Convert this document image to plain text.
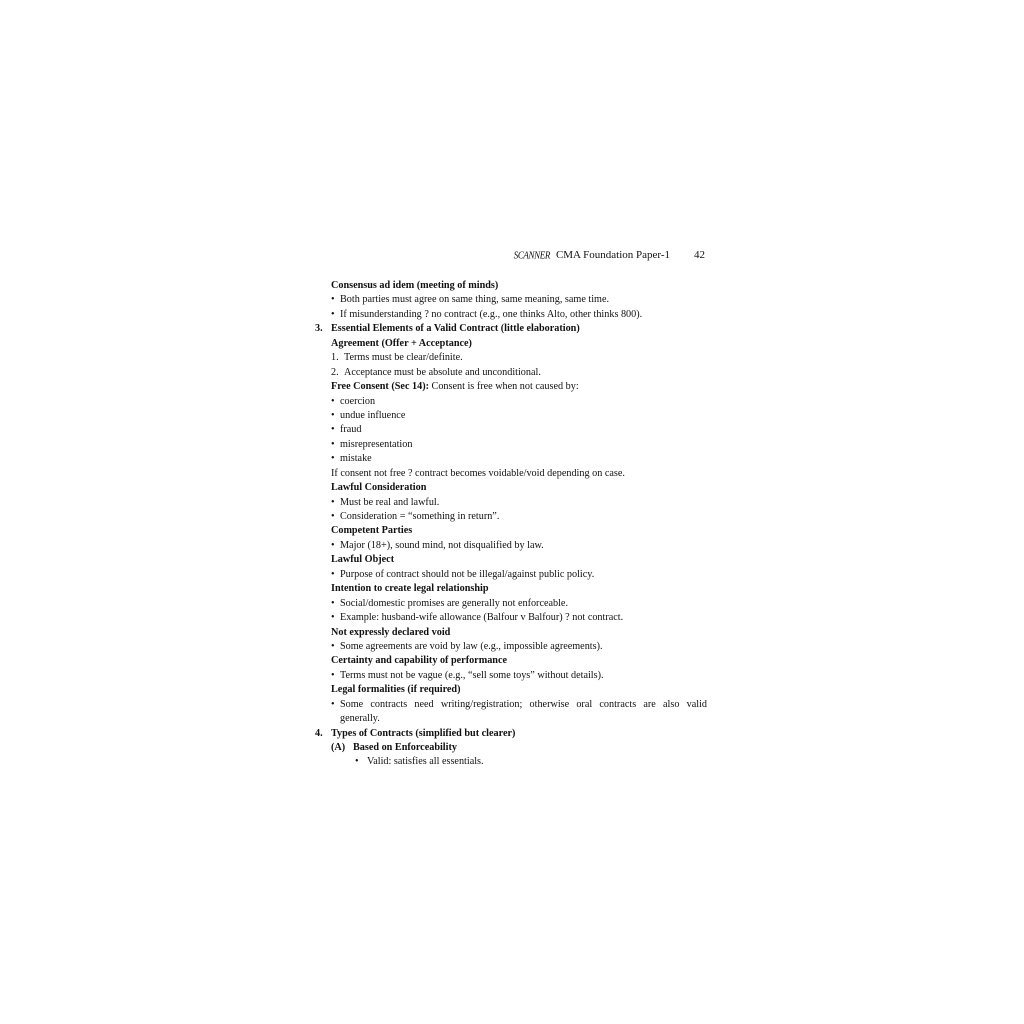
SCANNER CMA Foundation Paper-1 42
Consensus ad idem (meeting of minds)
• Both parties must agree on same thing, same meaning, same time.
• If misunderstanding ? no contract (e.g., one thinks Alto, other thinks 800).
3. Essential Elements of a Valid Contract (little elaboration)
Agreement (Offer + Acceptance)
1. Terms must be clear/definite.
2. Acceptance must be absolute and unconditional.
Free Consent (Sec 14): Consent is free when not caused by:
• coercion
• undue influence
• fraud
• misrepresentation
• mistake
If consent not free ? contract becomes voidable/void depending on case.
Lawful Consideration
• Must be real and lawful.
• Consideration = “something in return”.
Competent Parties
• Major (18+), sound mind, not disqualified by law.
Lawful Object
• Purpose of contract should not be illegal/against public policy.
Intention to create legal relationship
• Social/domestic promises are generally not enforceable.
• Example: husband-wife allowance (Balfour v Balfour) ? not contract.
Not expressly declared void
• Some agreements are void by law (e.g., impossible agreements).
Certainty and capability of performance
• Terms must not be vague (e.g., “sell some toys” without details).
Legal formalities (if required)
•
Some contracts need writing/registration; otherwise oral contracts are also valid
generally.
4. Types of Contracts (simplified but clearer)
(A) Based on Enforceability
• Valid: satisfies all essentials.
